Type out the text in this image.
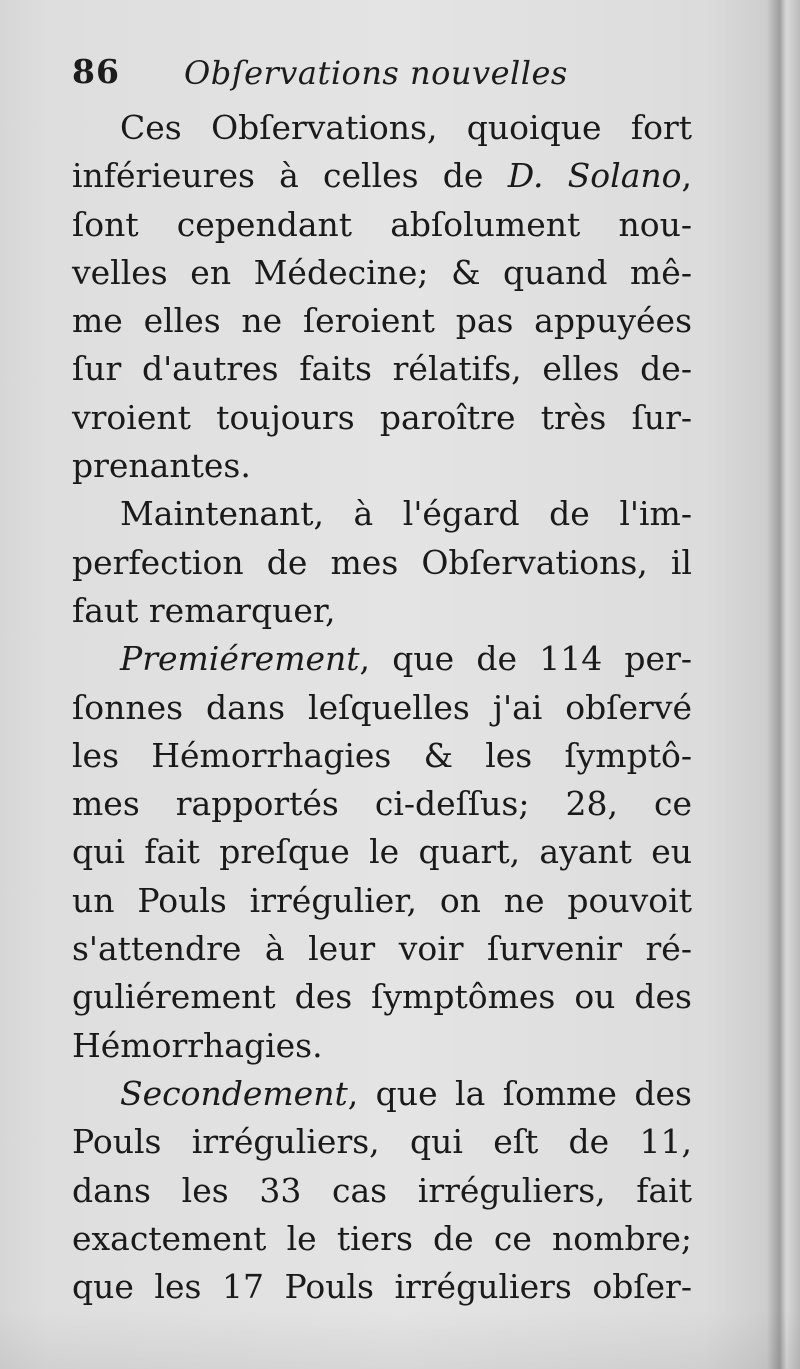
86 Obſervations nouvelles
Ces Obſervations, quoique fort
inférieures à celles de D. Solano,
ſont cependant abſolument nou-
velles en Médecine; & quand mê-
me elles ne ſeroient pas appuyées
ſur d'autres faits rélatifs, elles de-
vroient toujours paroître très ſur-
prenantes.
Maintenant, à l'égard de l'im-
perfection de mes Obſervations, il
faut remarquer,
Premiérement, que de 114 per-
ſonnes dans leſquelles j'ai obſervé
les Hémorrhagies & les ſymptô-
mes rapportés ci-deſſus; 28, ce
qui fait preſque le quart, ayant eu
un Pouls irrégulier, on ne pouvoit
s'attendre à leur voir ſurvenir ré-
guliérement des ſymptômes ou des
Hémorrhagies.
Secondement, que la ſomme des
Pouls irréguliers, qui eſt de 11,
dans les 33 cas irréguliers, fait
exactement le tiers de ce nombre;
que les 17 Pouls irréguliers obſer-
